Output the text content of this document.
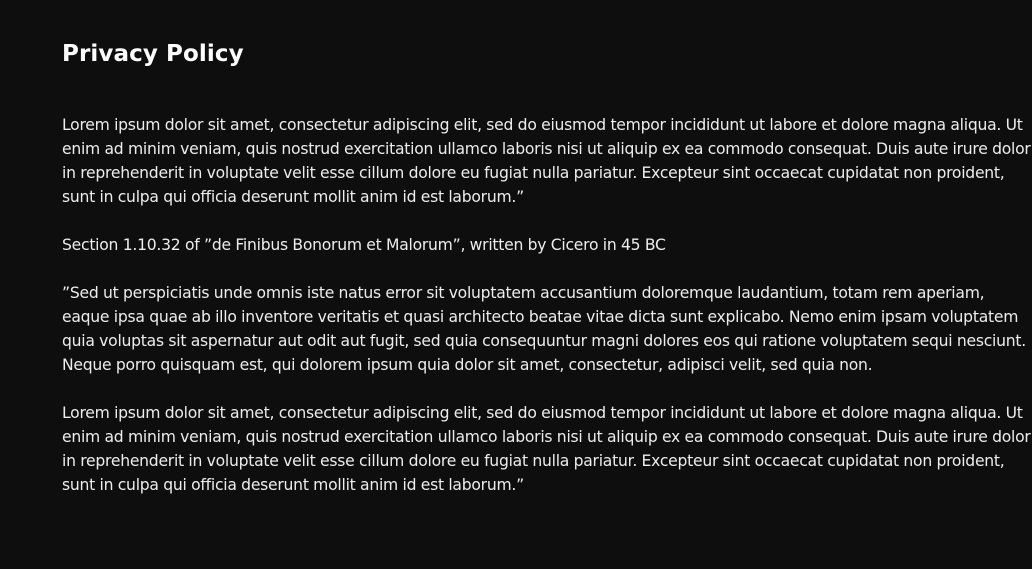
Privacy Policy

Lorem ipsum dolor sit amet, consectetur adipiscing elit, sed do eiusmod tempor incididunt ut labore et dolore magna aliqua. Ut enim ad minim veniam, quis nostrud exercitation ullamco laboris nisi ut aliquip ex ea commodo consequat. Duis aute irure dolor in reprehenderit in voluptate velit esse cillum dolore eu fugiat nulla pariatur. Excepteur sint occaecat cupidatat non proident, sunt in culpa qui officia deserunt mollit anim id est laborum.”

Section 1.10.32 of ”de Finibus Bonorum et Malorum”, written by Cicero in 45 BC

”Sed ut perspiciatis unde omnis iste natus error sit voluptatem accusantium doloremque laudantium, totam rem aperiam, eaque ipsa quae ab illo inventore veritatis et quasi architecto beatae vitae dicta sunt explicabo. Nemo enim ipsam voluptatem quia voluptas sit aspernatur aut odit aut fugit, sed quia consequuntur magni dolores eos qui ratione voluptatem sequi nesciunt. Neque porro quisquam est, qui dolorem ipsum quia dolor sit amet, consectetur, adipisci velit, sed quia non.

Lorem ipsum dolor sit amet, consectetur adipiscing elit, sed do eiusmod tempor incididunt ut labore et dolore magna aliqua. Ut enim ad minim veniam, quis nostrud exercitation ullamco laboris nisi ut aliquip ex ea commodo consequat. Duis aute irure dolor in reprehenderit in voluptate velit esse cillum dolore eu fugiat nulla pariatur. Excepteur sint occaecat cupidatat non proident, sunt in culpa qui officia deserunt mollit anim id est laborum.”
